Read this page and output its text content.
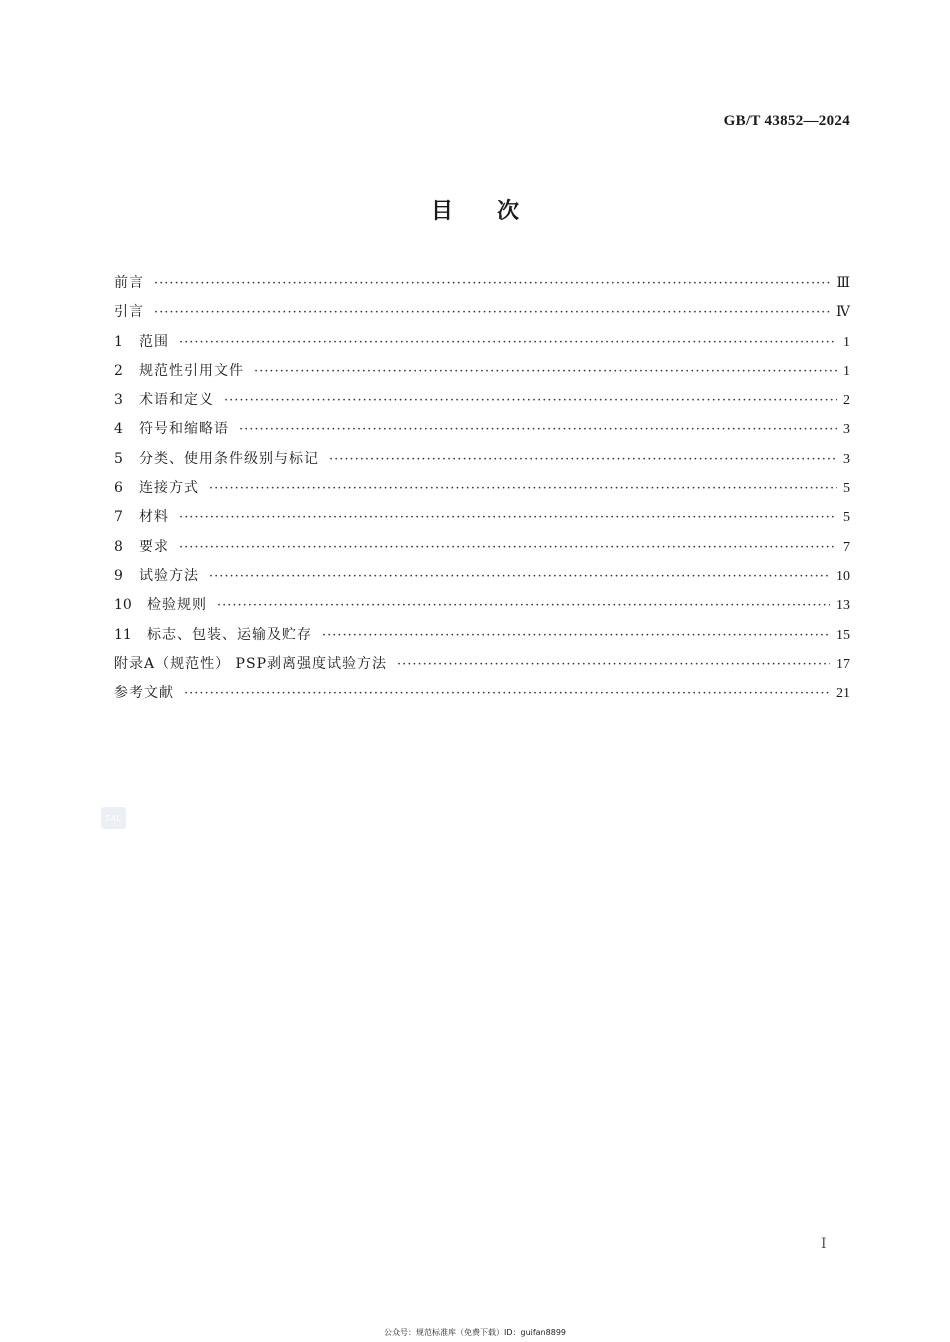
GB/T 43852—2024
目次
前言 ·····	Ⅲ
引言 ·····	Ⅳ
1	范围 ·····	1
2	规范性引用文件 ·····	1
3	术语和定义 ·····	2
4	符号和缩略语 ·····	3
5	分类、使用条件级别与标记 ·····	3
6	连接方式 ·····	5
7	材料 ·····	5
8	要求 ·····	7
9	试验方法 ·····	10
10	检验规则 ·····	13
11	标志、包装、运输及贮存 ·····	15
附录A（规范性） PSP剥离强度试验方法 ·····	17
参考文献 ·····	21
SAC
Ⅰ
公众号：规范标准库（免费下载）ID：guifan8899
